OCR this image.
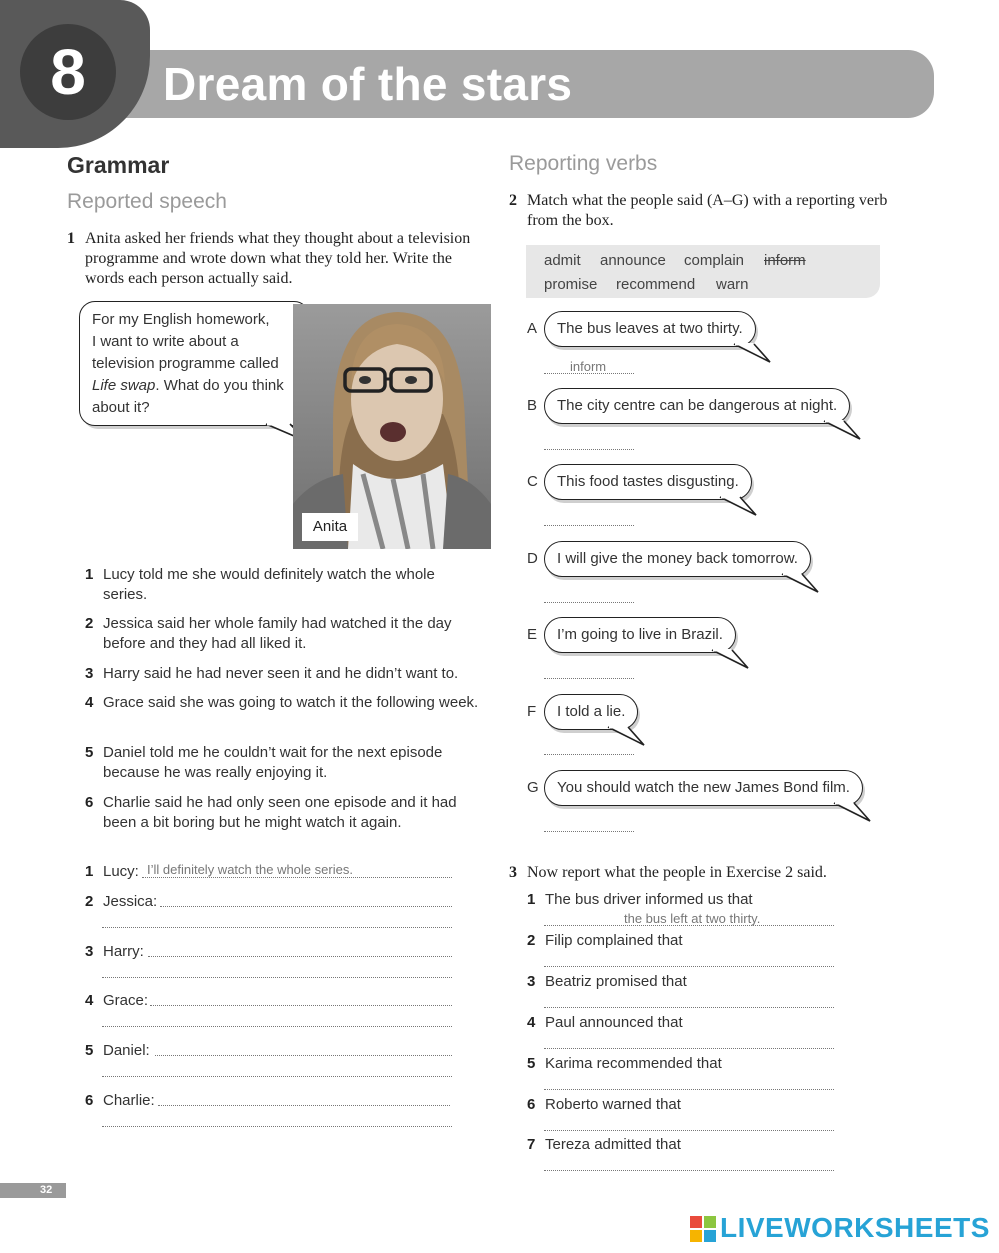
8	Dream of the stars
Grammar
Reported speech
1 Anita asked her friends what they thought about a television programme and wrote down what they told her. Write the words each person actually said.
For my English homework,
I want to write about a
television programme called
Life swap. What do you think
about it?
Anita
1 Lucy told me she would definitely watch the whole series.
2 Jessica said her whole family had watched it the day before and they had all liked it.
3 Harry said he had never seen it and he didn’t want to.
4 Grace said she was going to watch it the following week.
5 Daniel told me he couldn’t wait for the next episode because he was really enjoying it.
6 Charlie said he had only seen one episode and it had been a bit boring but he might watch it again.
1 Lucy: I’ll definitely watch the whole series.
2 Jessica:
3 Harry:
4 Grace:
5 Daniel:
6 Charlie:
Reporting verbs
2 Match what the people said (A–G) with a reporting verb from the box.
admit announce complain inform
promise recommend warn
A	The bus leaves at two thirty.
inform
B	The city centre can be dangerous at night.
C	This food tastes disgusting.
D	I will give the money back tomorrow.
E	I’m going to live in Brazil.
F	I told a lie.
G	You should watch the new James Bond film.
3 Now report what the people in Exercise 2 said.
1 The bus driver informed us that
the bus left at two thirty.
2 Filip complained that
3 Beatriz promised that
4 Paul announced that
5 Karima recommended that
6 Roberto warned that
7 Tereza admitted that
32
LIVEWORKSHEETS
